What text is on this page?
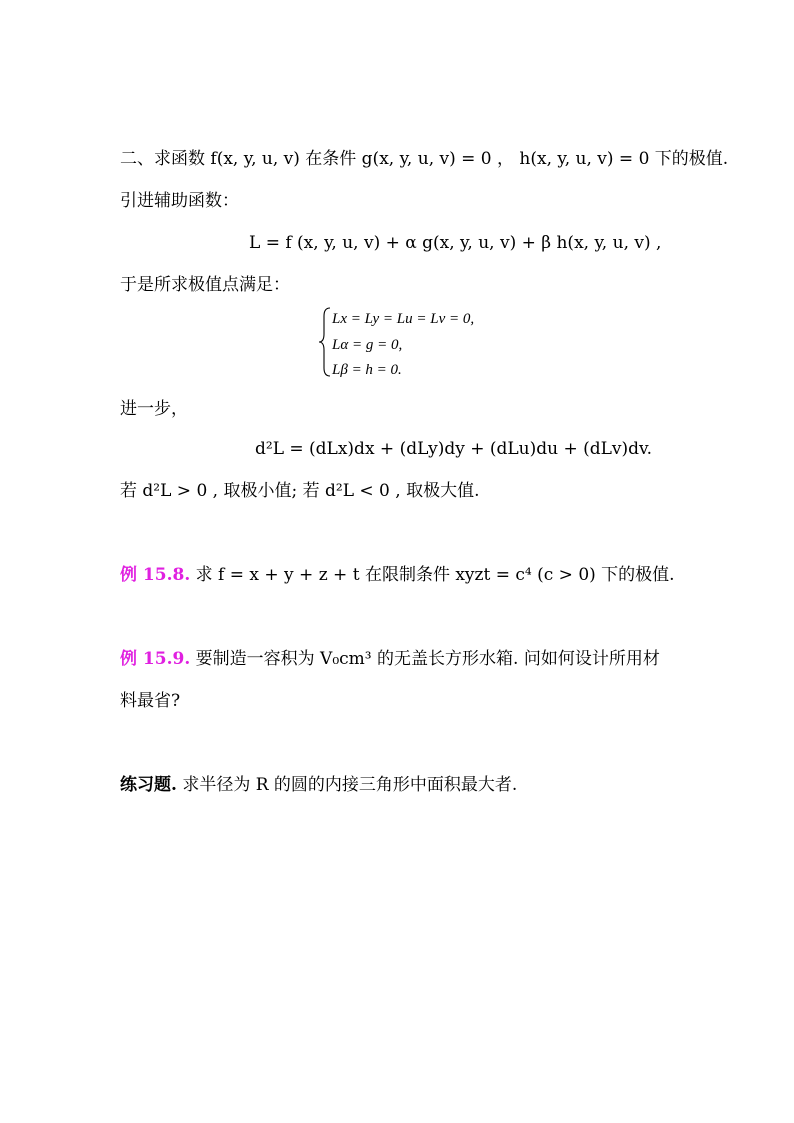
二、求函数 f(x, y, u, v) 在条件 g(x, y, u, v) = 0 ， h(x, y, u, v) = 0 下的极值.
引进辅助函数：
L = f (x, y, u, v) + α g(x, y, u, v) + β h(x, y, u, v) ,
于是所求极值点满足：
Lx = Ly = Lu = Lv = 0,
Lα = g = 0,
Lβ = h = 0.
进一步，
d²L = (dLx)dx + (dLy)dy + (dLu)du + (dLv)dv.
若 d²L > 0 , 取极小值; 若 d²L < 0 , 取极大值.
例 15.8. 求 f = x + y + z + t 在限制条件 xyzt = c⁴ (c > 0) 下的极值.
例 15.9. 要制造一容积为 V₀cm³ 的无盖长方形水箱. 问如何设计所用材
料最省?
练习题. 求半径为 R 的圆的内接三角形中面积最大者.
